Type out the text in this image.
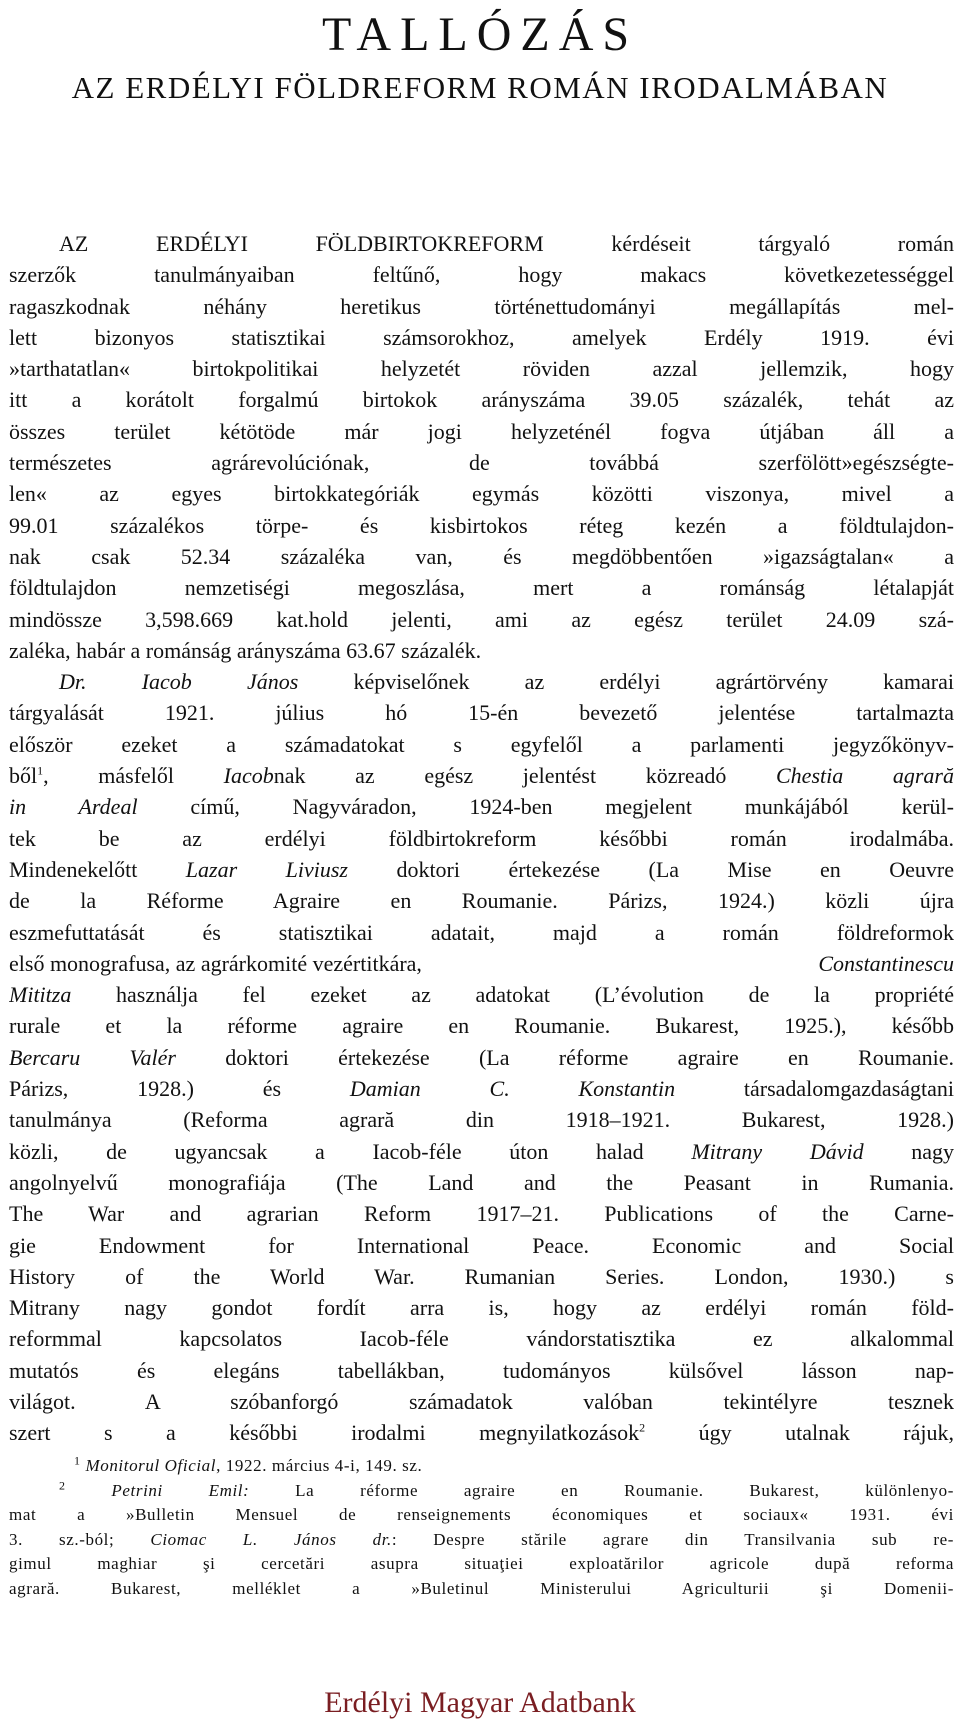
TALLÓZÁS
AZ ERDÉLYI FÖLDREFORM ROMÁN IRODALMÁBAN
AZ ERDÉLYI FÖLDBIRTOKREFORM kérdéseit tárgyaló román
szerzők tanulmányaiban feltűnő, hogy makacs következetességgel
ragaszkodnak néhány heretikus történettudományi megállapítás mel-
lett bizonyos statisztikai számsorokhoz, amelyek Erdély 1919. évi
»tarthatatlan« birtokpolitikai helyzetét röviden azzal jellemzik, hogy
itt a korátolt forgalmú birtokok arányszáma 39.05 százalék, tehát az
összes terület kétötöde már jogi helyzeténél fogva útjában áll a
természetes agrárevolúciónak, de továbbá szerfölött»egészségte-
len« az egyes birtokkategóriák egymás közötti viszonya, mivel a
99.01 százalékos törpe- és kisbirtokos réteg kezén a földtulajdon-
nak csak 52.34 százaléka van, és megdöbbentően »igazságtalan« a
földtulajdon nemzetiségi megoszlása, mert a románság létalapját
mindössze 3,598.669 kat.hold jelenti, ami az egész terület 24.09 szá-
zaléka, habár a románság arányszáma 63.67 százalék.
Dr.	Iacob János képviselőnek az erdélyi agrártörvény kamarai
tárgyalását 1921. július hó 15-én bevezető jelentése tartalmazta
először ezeket a számadatokat s egyfelől a parlamenti jegyzőkönyv-
ből$^1$, másfelől Iacobnak az egész jelentést közreadó Chestia agrară
in Ardeal című, Nagyváradon, 1924-ben megjelent munkájából kerül-
tek be az erdélyi földbirtokreform későbbi román irodalmába.
Mindenekelőtt Lazar Liviusz doktori értekezése (La Mise en Oeuvre
de la Réforme Agraire en Roumanie. Párizs, 1924.) közli újra
eszmefuttatását és statisztikai adatait, majd a román földreformok
első monografusa, az agrárkomité vezértitkára,	Constantinescu
Mititza használja fel ezeket az adatokat (L’évolution de la propriété
rurale et la réforme agraire en Roumanie. Bukarest, 1925.), később
Bercaru Valér doktori értekezése (La réforme agraire en Roumanie.
Párizs, 1928.) és	Damian C. Konstantin társadalomgazdaságtani
tanulmánya (Reforma agrară din 1918–1921. Bukarest, 1928.)
közli, de ugyancsak a Iacob-féle úton halad Mitrany Dávid nagy
angolnyelvű monografiája (The Land and the Peasant in Rumania.
The War and agrarian Reform 1917–21. Publications of the Carne-
gie Endowment for International Peace. Economic and Social
History of the World War. Rumanian Series. London, 1930.) s
Mitrany nagy gondot fordít arra is, hogy az erdélyi román föld-
reformmal kapcsolatos Iacob-féle vándorstatisztika ez alkalommal
mutatós és elegáns tabellákban, tudományos külsővel lásson nap-
világot. A szóbanforgó számadatok valóban tekintélyre tesznek
szert s a későbbi irodalmi megnyilatkozások$^2$ úgy utalnak rájuk,
$^1$ Monitorul Oficial, 1922. március 4-i, 149. sz.
$^2$	Petrini Emil: La réforme agraire en Roumanie. Bukarest, különlenyo-
mat a »Bulletin Mensuel de renseignements économiques et sociaux« 1931. évi
3. sz.-ból; Ciomac L. János dr.: Despre stările agrare din Transilvania sub re-
gimul maghiar şi cercetări asupra situaţiei exploatărilor agricole după reforma
agrară. Bukarest, melléklet a »Buletinul Ministerului Agriculturii şi Domenii-

Erdélyi Magyar Adatbank
